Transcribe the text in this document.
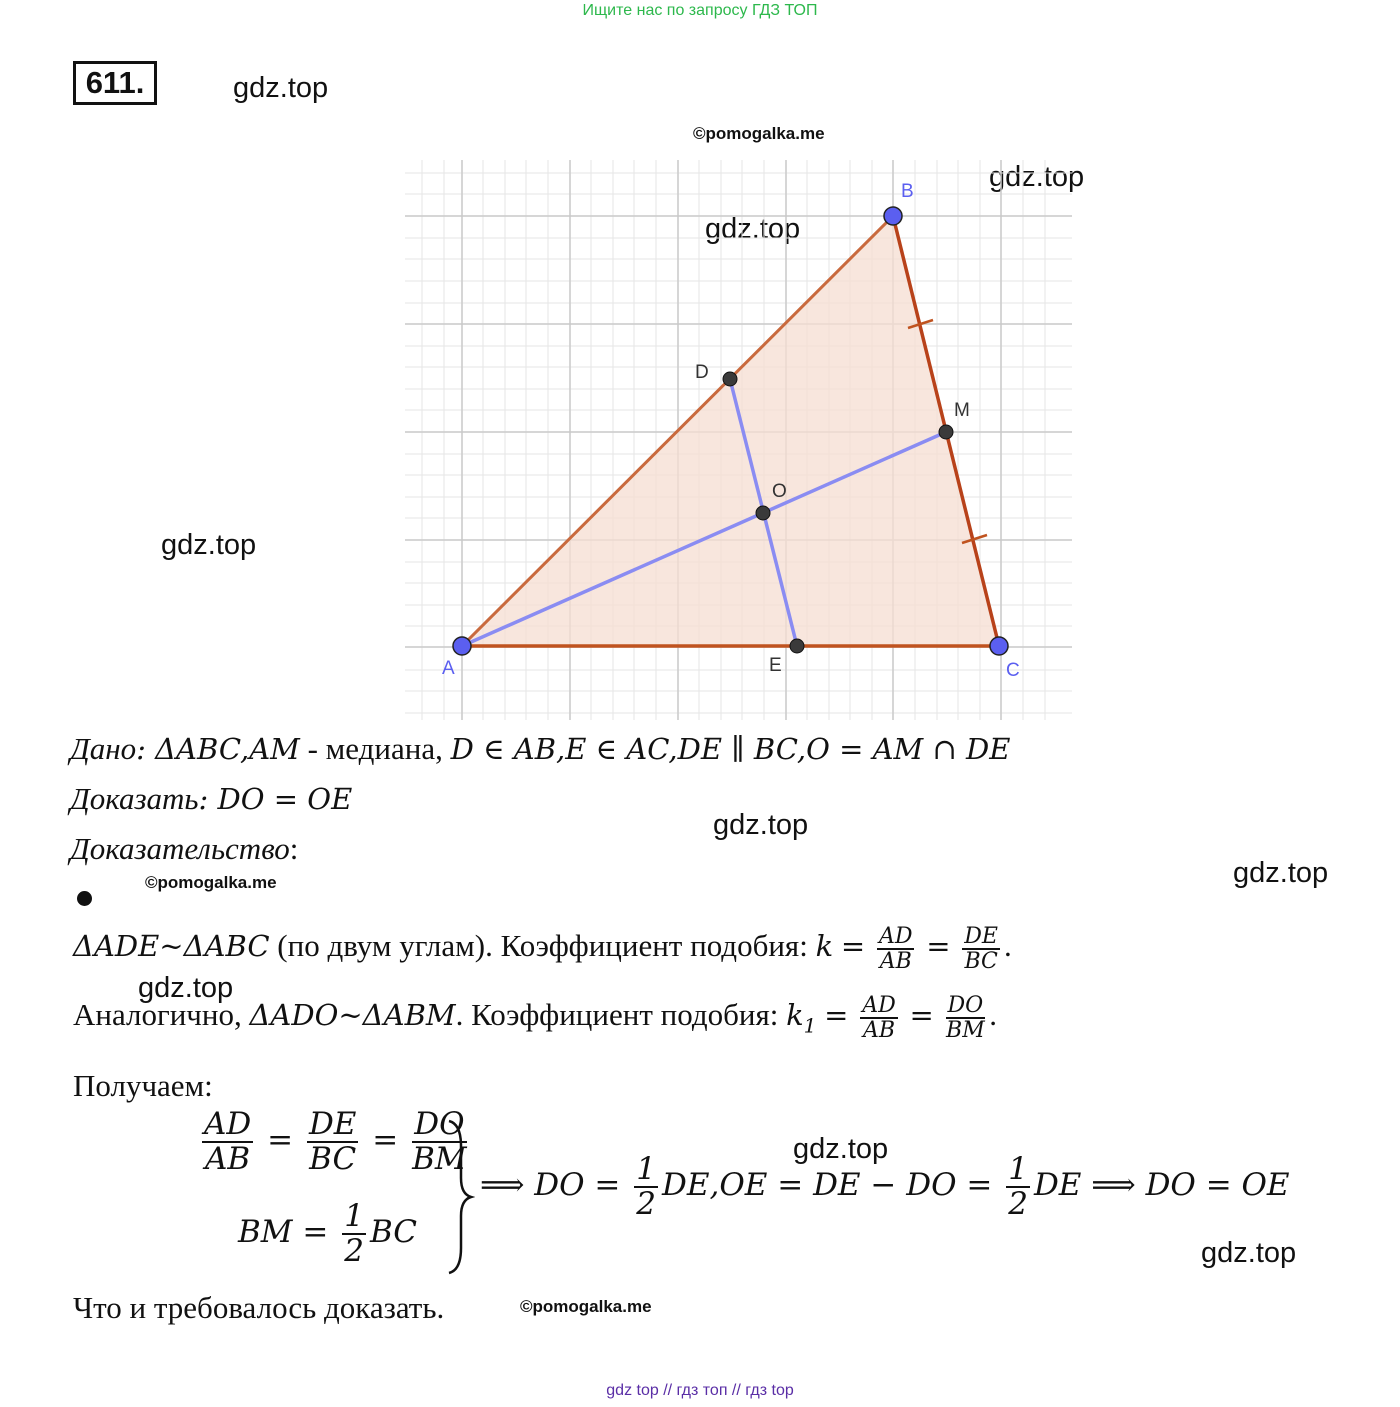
Ищите нас по запросу ГДЗ ТОП
611.	gdz.top
©pomogalka.me
gdz.top
gdz.top
gdz.top
A
B
C
D
E
M
O
Дано: ΔABC,AM - медиана, D ∈ AB,E ∈ AC,DE ∥ BC,O = AM ∩ DE
Доказать: DO = OE
gdz.top
Доказательство:
gdz.top
©pomogalka.me
ΔADE~ΔABC (по двум углам). Коэффициент подобия: $k = \frac{AD}{AB} = \frac{DE}{BC}$ .
gdz.top
Аналогично, ΔADO~ΔABM. Коэффициент подобия: $k_1 = \frac{AD}{AB} = \frac{DO}{BM}$ .
Получаем:
gdz.top
$\frac{AD}{AB} = \frac{DE}{BC} = \frac{DO}{BM}$
BM = $\frac{1}{2}$ BC
⟹ DO = $\frac{1}{2} DE,OE$ = DE − DO = $\frac{1}{2}$ DE ⟹ DO = OE
gdz.top
Что и требовалось доказать.	©pomogalka.me
gdz top // гдз топ // гдз top
